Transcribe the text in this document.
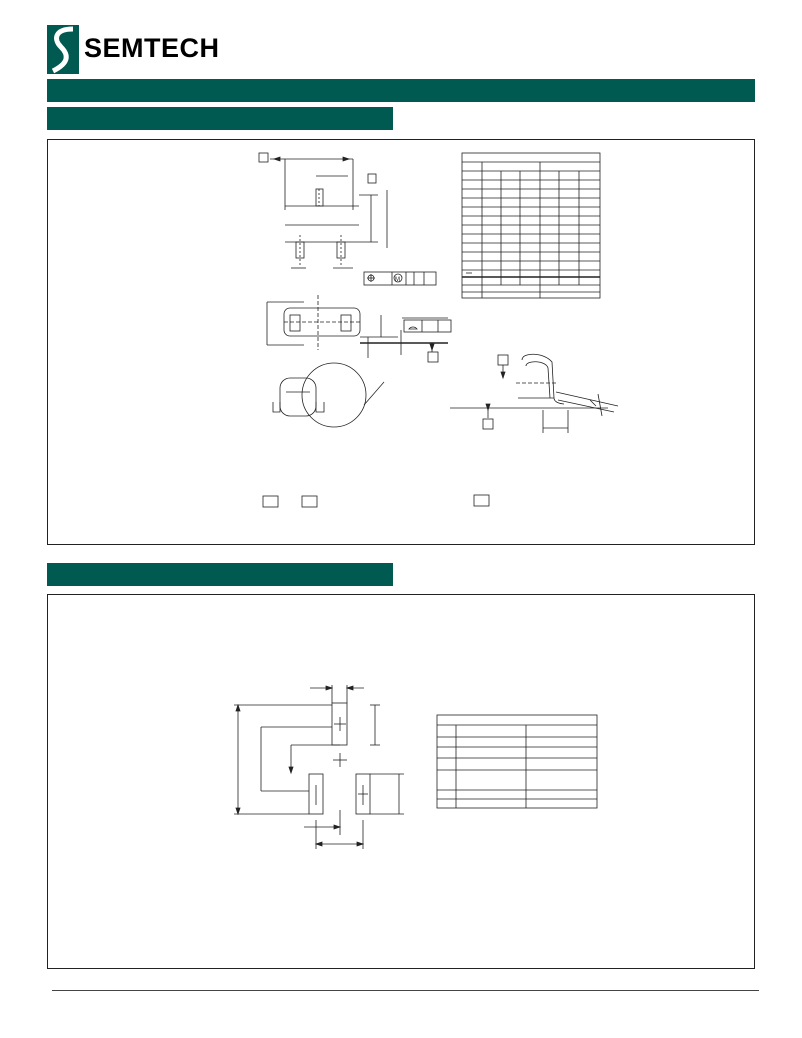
SEMTECH
M
